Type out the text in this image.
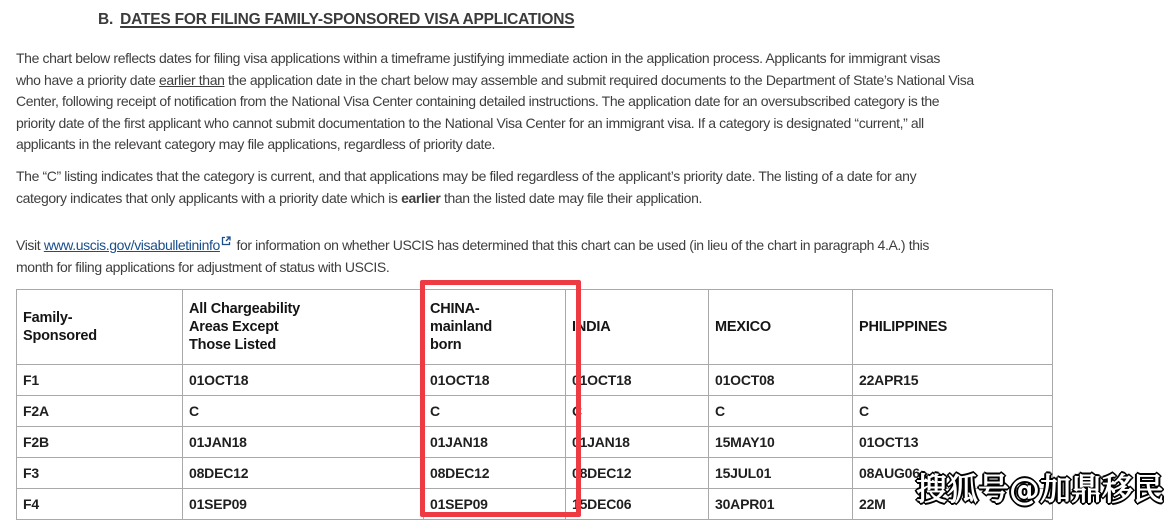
B. DATES FOR FILING FAMILY-SPONSORED VISA APPLICATIONS
The chart below reflects dates for filing visa applications within a timeframe justifying immediate action in the application process. Applicants for immigrant visas
who have a priority date earlier than the application date in the chart below may assemble and submit required documents to the Department of State’s National Visa
Center, following receipt of notification from the National Visa Center containing detailed instructions. The application date for an oversubscribed category is the
priority date of the first applicant who cannot submit documentation to the National Visa Center for an immigrant visa. If a category is designated “current,” all
applicants in the relevant category may file applications, regardless of priority date.
The “C” listing indicates that the category is current, and that applications may be filed regardless of the applicant’s priority date. The listing of a date for any
category indicates that only applicants with a priority date which is earlier than the listed date may file their application.
Visit www.uscis.gov/visabulletininfo for information on whether USCIS has determined that this chart can be used (in lieu of the chart in paragraph 4.A.) this
month for filing applications for adjustment of status with USCIS.
Family-
Sponsored	All Chargeability
Areas Except
Those Listed	CHINA-
mainland
born	INDIA	MEXICO	PHILIPPINES
F1	01OCT18	01OCT18	01OCT18	01OCT08	22APR15
F2A	C	C	C	C	C
F2B	01JAN18	01JAN18	01JAN18	15MAY10	01OCT13
F3	08DEC12	08DEC12	08DEC12	15JUL01	08AUG06
F4	01SEP09	01SEP09	15DEC06	30APR01	22M 搜狐号@加鼎移民
